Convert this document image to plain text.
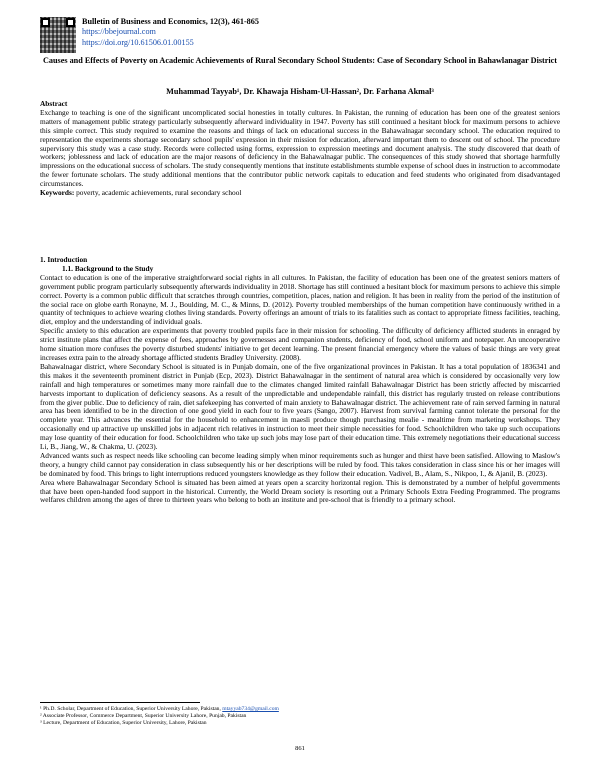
Bulletin of Business and Economics, 12(3), 461-865
https://bbejournal.com
https://doi.org/10.61506.01.00155
Causes and Effects of Poverty on Academic Achievements of Rural Secondary School Students: Case of Secondary School in Bahawlanagar District
Muhammad Tayyab¹, Dr. Khawaja Hisham-Ul-Hassan², Dr. Farhana Akmal³

Abstract

Exchange to teaching is one of the significant uncomplicated social honesties in totally cultures. In Pakistan, the running of education has been one of the greatest seniors matters of management public strategy particularly subsequently afterward individuality in 1947. Poverty has still continued a hesitant block for maximum persons to achieve this simple correct. This study required to examine the reasons and things of lack on educational success in the Bahawalnagar secondary school. The education required to representation the experiments shortage secondary school pupils' expression in their mission for education, afterward important them to descent out of school. The procedure supervisory this study was a case study. Records were collected using forms, expression to expression meetings and document analysis. The study discovered that death of workers; joblessness and lack of education are the major reasons of deficiency in the Bahawalnagar public. The consequences of this study showed that shortage harmfully impressions on the educational success of scholars. The study consequently mentions that institute establishments stumble expense of school dues in instruction to accommodate the fewer fortunate scholars. The study additional mentions that the contributor public network capitals to education and feed students who originated from disadvantaged circumstances.

Keywords: poverty, academic achievements, rural secondary school

1. Introduction

1.1. Background to the Study

Contact to education is one of the imperative straightforward social rights in all cultures. In Pakistan, the facility of education has been one of the greatest seniors matters of government public program particularly subsequently afterwards individuality in 2018. Shortage has still continued a hesitant block for maximum persons to achieve this simple correct. Poverty is a common public difficult that scratches through countries, competition, places, nation and religion. It has been in reality from the period of the institution of the social race on globe earth Ronayne, M. J., Boulding, M. C., & Minns, D. (2012). Poverty troubled memberships of the human competition have continuously writhed in a quantity of techniques to achieve wearing clothes living standards. Poverty offerings an amount of trials to its fatalities such as contact to appropriate fitness facilities, teaching, diet, employ and the understanding of individual goals.

Specific anxiety to this education are experiments that poverty troubled pupils face in their mission for schooling. The difficulty of deficiency afflicted students in enraged by strict institute plans that affect the expense of fees, approaches by governesses and companion students, deficiency of food, school uniform and notepaper. An uncooperative home situation more confuses the poverty disturbed students' initiative to get decent learning. The present financial emergency where the values of basic things are very great increases extra pain to the already shortage afflicted students Bradley University. (2008).

Bahawalnagar district, where Secondary School is situated is in Punjab domain, one of the five organizational provinces in Pakistan. It has a total population of 1836341 and this makes it the seventeenth prominent district in Punjab (Ecp, 2023). District Bahawalnagar in the sentiment of natural area which is considered by occasionally very low rainfall and high temperatures or sometimes many more rainfall due to the climates changed limited rainfall Bahawalnagar District has been strictly affected by miscarried harvests important to duplication of deficiency seasons. As a result of the unpredictable and undependable rainfall, this district has regularly trusted on release contributions from the giver public. Due to deficiency of rain, diet safekeeping has converted of main anxiety to Bahawalnagar district. The achievement rate of rain served farming in natural area has been identified to be in the direction of one good yield in each four to five years (Sango, 2007). Harvest from survival farming cannot tolerate the personal for the complete year. This advances the essential for the household to enhancement in maesli produce though purchasing mealie - mealtime from marketing workshops. They occasionally end up attractive up unskilled jobs in adjacent rich relatives in instruction to meet their simple necessities for food. Schoolchildren who take up such occupations may lose quantity of their education for food. Schoolchildren who take up such jobs may lose part of their education time. This extremely negotiations their educational success Li, B., Jiang, W., & Chakma, U. (2023).

Advanced wants such as respect needs like schooling can become leading simply when minor requirements such as hunger and thirst have been satisfied. Allowing to Maslow's theory, a hungry child cannot pay consideration in class subsequently his or her descriptions will be ruled by food. This takes consideration in class since his or her images will be dominated by food. This brings to light interruptions reduced youngsters knowledge as they follow their education. Vadivel, B., Alam, S., Nikpoo, I., & Ajanil, B. (2023).

Area where Bahawalnagar Secondary School is situated has been aimed at years open a scarcity horizontal region. This is demonstrated by a number of helpful governments that have been open-handed food support in the historical. Currently, the World Dream society is resorting out a Primary Schools Extra Feeding Programmed. The programs welfares children among the ages of three to thirteen years who belong to both an institute and pre-school that is friendly to a primary school.

¹ Ph.D. Scholar, Department of Education, Superior University Lahore, Pakistan, mtayyab734@gmail.com
² Associate Professor, Commerce Department, Superior University Lahore, Punjab, Pakistan
³ Lecture, Department of Education, Superior University, Lahore, Pakistan
861
